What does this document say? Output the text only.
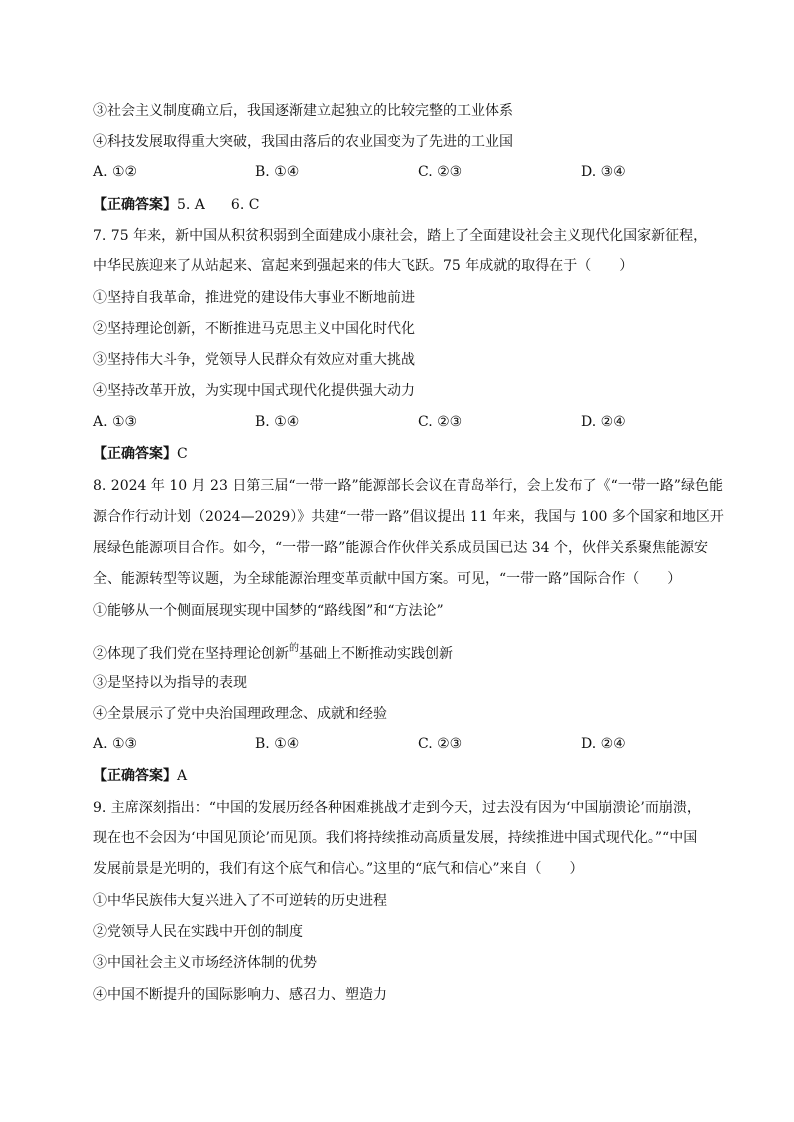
③社会主义制度确立后，我国逐渐建立起独立的比较完整的工业体系
④科技发展取得重大突破，我国由落后的农业国变为了先进的工业国
A. ①②	B. ①④	C. ②③	D. ③④
【正确答案】5. A 6. C
7. 75 年来，新中国从积贫积弱到全面建成小康社会，踏上了全面建设社会主义现代化国家新征程，
中华民族迎来了从站起来、富起来到强起来的伟大飞跃。75 年成就的取得在于（　　）
①坚持自我革命，推进党的建设伟大事业不断地前进
②坚持理论创新，不断推进马克思主义中国化时代化
③坚持伟大斗争，党领导人民群众有效应对重大挑战
④坚持改革开放，为实现中国式现代化提供强大动力
A. ①③	B. ①④	C. ②③	D. ②④
【正确答案】C
8. 2024 年 10 月 23 日第三届“一带一路”能源部长会议在青岛举行，会上发布了《“一带一路”绿色能
源合作行动计划（2024—2029）》共建“一带一路”倡议提出 11 年来，我国与 100 多个国家和地区开
展绿色能源项目合作。如今，“一带一路”能源合作伙伴关系成员国已达 34 个，伙伴关系聚焦能源安
全、能源转型等议题，为全球能源治理变革贡献中国方案。可见，“一带一路”国际合作（　　）
①能够从一个侧面展现实现中国梦的“路线图”和“方法论”
②体现了我们党在坚持理论创新$^的$基础上不断推动实践创新
③是坚持以为指导的表现
④全景展示了党中央治国理政理念、成就和经验
A. ①③	B. ①④	C. ②③	D. ②④
【正确答案】A
9. 主席深刻指出：“中国的发展历经各种困难挑战才走到今天，过去没有因为‘中国崩溃论’而崩溃，
现在也不会因为‘中国见顶论’而见顶。我们将持续推动高质量发展，持续推进中国式现代化。”“中国
发展前景是光明的，我们有这个底气和信心。”这里的“底气和信心”来自（　　）
①中华民族伟大复兴进入了不可逆转的历史进程
②党领导人民在实践中开创的制度
③中国社会主义市场经济体制的优势
④中国不断提升的国际影响力、感召力、塑造力
